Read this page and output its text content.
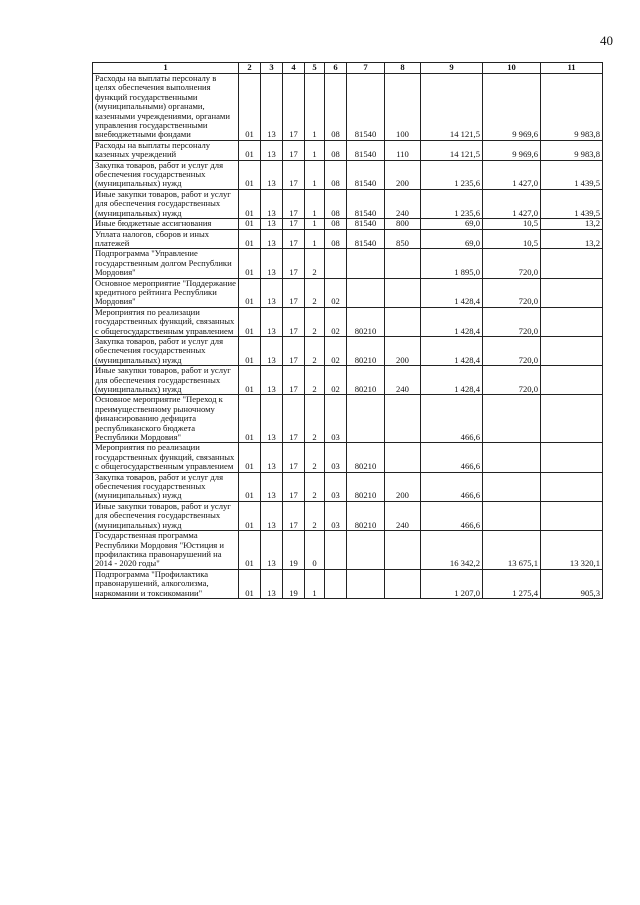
40
1	2	3	4	5	6	7	8	9	10	11
Расходы на выплаты персоналу в целях обеспечения выполнения функций государственными (муниципальными) органами, казенными учреждениями, органами управления государственными внебюджетными фондами	01	13	17	1	08	81540	100	14 121,5	9 969,6	9 983,8
Расходы на выплаты персоналу казенных учреждений	01	13	17	1	08	81540	110	14 121,5	9 969,6	9 983,8
Закупка товаров, работ и услуг для обеспечения государственных (муниципальных) нужд	01	13	17	1	08	81540	200	1 235,6	1 427,0	1 439,5
Иные закупки товаров, работ и услуг для обеспечения государственных (муниципальных) нужд	01	13	17	1	08	81540	240	1 235,6	1 427,0	1 439,5
Иные бюджетные ассигнования	01	13	17	1	08	81540	800	69,0	10,5	13,2
Уплата налогов, сборов и иных платежей	01	13	17	1	08	81540	850	69,0	10,5	13,2
Подпрограмма "Управление государственным долгом Республики Мордовия"	01	13	17	2				1 895,0	720,0	
Основное мероприятие "Поддержание кредитного рейтинга Республики Мордовия"	01	13	17	2	02			1 428,4	720,0	
Мероприятия по реализации государственных функций, связанных с общегосударственным управлением	01	13	17	2	02	80210		1 428,4	720,0	
Закупка товаров, работ и услуг для обеспечения государственных (муниципальных) нужд	01	13	17	2	02	80210	200	1 428,4	720,0	
Иные закупки товаров, работ и услуг для обеспечения государственных (муниципальных) нужд	01	13	17	2	02	80210	240	1 428,4	720,0	
Основное мероприятие "Переход к преимущественному рыночному финансированию дефицита республиканского бюджета Республики Мордовия"	01	13	17	2	03			466,6		
Мероприятия по реализации государственных функций, связанных с общегосударственным управлением	01	13	17	2	03	80210		466,6		
Закупка товаров, работ и услуг для обеспечения государственных (муниципальных) нужд	01	13	17	2	03	80210	200	466,6		
Иные закупки товаров, работ и услуг для обеспечения государственных (муниципальных) нужд	01	13	17	2	03	80210	240	466,6		
Государственная программа Республики Мордовия "Юстиция и профилактика правонарушений на 2014 - 2020 годы"	01	13	19	0				16 342,2	13 675,1	13 320,1
Подпрограмма "Профилактика правонарушений, алкоголизма, наркомании и токсикомании"	01	13	19	1				1 207,0	1 275,4	905,3
